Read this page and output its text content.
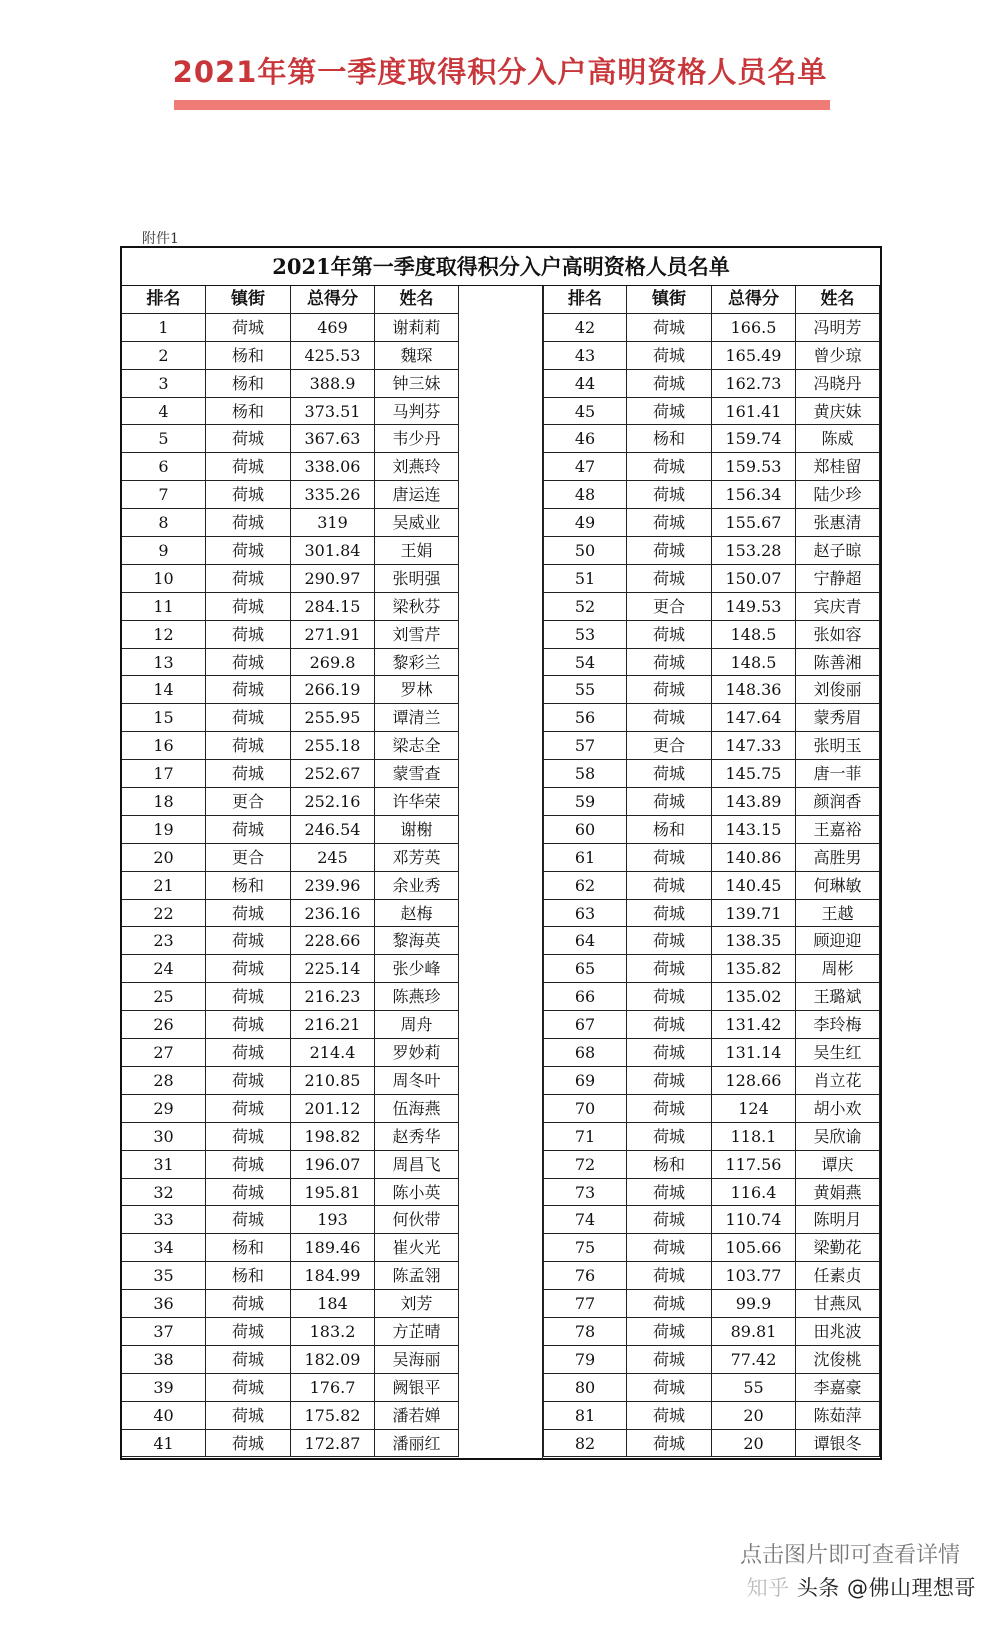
2021年第一季度取得积分入户高明资格人员名单
附件1
2021年第一季度取得积分入户高明资格人员名单
排名	镇街	总得分	姓名
1	荷城	469	谢莉莉
2	杨和	425.53	魏琛
3	杨和	388.9	钟三妹
4	杨和	373.51	马判芬
5	荷城	367.63	韦少丹
6	荷城	338.06	刘燕玲
7	荷城	335.26	唐运连
8	荷城	319	吴威业
9	荷城	301.84	王娟
10	荷城	290.97	张明强
11	荷城	284.15	梁秋芬
12	荷城	271.91	刘雪芹
13	荷城	269.8	黎彩兰
14	荷城	266.19	罗林
15	荷城	255.95	谭清兰
16	荷城	255.18	梁志全
17	荷城	252.67	蒙雪查
18	更合	252.16	许华荣
19	荷城	246.54	谢榭
20	更合	245	邓芳英
21	杨和	239.96	余业秀
22	荷城	236.16	赵梅
23	荷城	228.66	黎海英
24	荷城	225.14	张少峰
25	荷城	216.23	陈燕珍
26	荷城	216.21	周舟
27	荷城	214.4	罗妙莉
28	荷城	210.85	周冬叶
29	荷城	201.12	伍海燕
30	荷城	198.82	赵秀华
31	荷城	196.07	周昌飞
32	荷城	195.81	陈小英
33	荷城	193	何伙带
34	杨和	189.46	崔火光
35	杨和	184.99	陈孟翎
36	荷城	184	刘芳
37	荷城	183.2	方芷晴
38	荷城	182.09	吴海丽
39	荷城	176.7	阙银平
40	荷城	175.82	潘若婵
41	荷城	172.87	潘丽红
排名	镇街	总得分	姓名
42	荷城	166.5	冯明芳
43	荷城	165.49	曾少琼
44	荷城	162.73	冯晓丹
45	荷城	161.41	黄庆妹
46	杨和	159.74	陈威
47	荷城	159.53	郑桂留
48	荷城	156.34	陆少珍
49	荷城	155.67	张惠清
50	荷城	153.28	赵子晾
51	荷城	150.07	宁静超
52	更合	149.53	宾庆青
53	荷城	148.5	张如容
54	荷城	148.5	陈善湘
55	荷城	148.36	刘俊丽
56	荷城	147.64	蒙秀眉
57	更合	147.33	张明玉
58	荷城	145.75	唐一菲
59	荷城	143.89	颜润香
60	杨和	143.15	王嘉裕
61	荷城	140.86	高胜男
62	荷城	140.45	何琳敏
63	荷城	139.71	王越
64	荷城	138.35	顾迎迎
65	荷城	135.82	周彬
66	荷城	135.02	王璐斌
67	荷城	131.42	李玲梅
68	荷城	131.14	吴生红
69	荷城	128.66	肖立花
70	荷城	124	胡小欢
71	荷城	118.1	吴欣谕
72	杨和	117.56	谭庆
73	荷城	116.4	黄娟燕
74	荷城	110.74	陈明月
75	荷城	105.66	梁勤花
76	荷城	103.77	任素贞
77	荷城	99.9	甘燕凤
78	荷城	89.81	田兆波
79	荷城	77.42	沈俊桃
80	荷城	55	李嘉豪
81	荷城	20	陈茹萍
82	荷城	20	谭银冬
点击图片即可查看详情
知乎 头条 @佛山理想哥
